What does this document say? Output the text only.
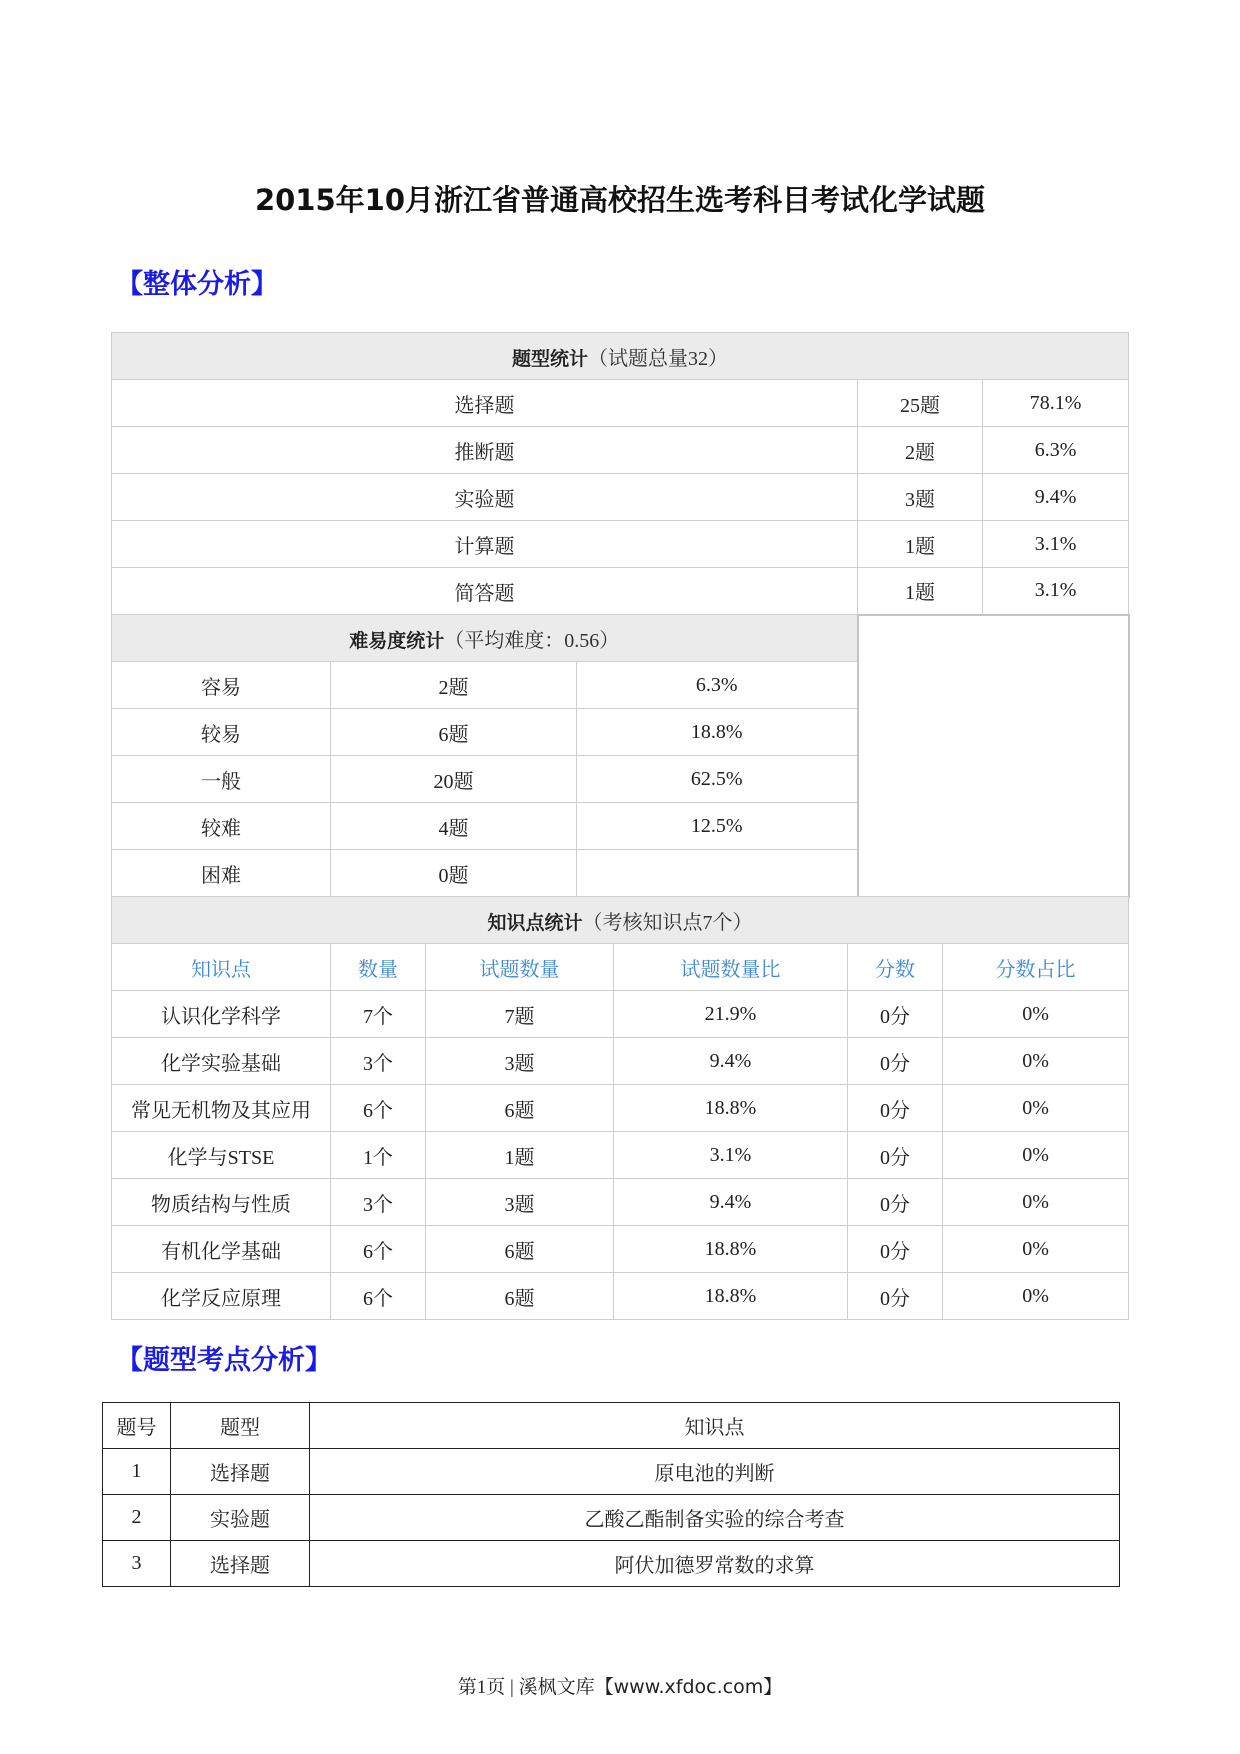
2015年10月浙江省普通高校招生选考科目考试化学试题
【整体分析】
题型统计（试题总量32）				
选择题			25题	78.1%
推断题			2题	6.3%
实验题			3题	9.4%
计算题			1题	3.1%
简答题			1题	3.1%
难易度统计（平均难度：0.56）				
容易	2题	6.3%		
较易	6题	18.8%		
一般	20题	62.5%		
较难	4题	12.5%		
困难	0题			
知识点统计（考核知识点7个）					
知识点	数量	试题数量	试题数量比	分数	分数占比
认识化学科学	7个	7题	21.9%	0分	0%
化学实验基础	3个	3题	9.4%	0分	0%
常见无机物及其应用	6个	6题	18.8%	0分	0%
化学与STSE	1个	1题	3.1%	0分	0%
物质结构与性质	3个	3题	9.4%	0分	0%
有机化学基础	6个	6题	18.8%	0分	0%
化学反应原理	6个	6题	18.8%	0分	0%
【题型考点分析】
题号	题型	知识点
1	选择题	原电池的判断
2	实验题	乙酸乙酯制备实验的综合考查
3	选择题	阿伏加德罗常数的求算
第1页 | 溪枫文库【www.xfdoc.com】
